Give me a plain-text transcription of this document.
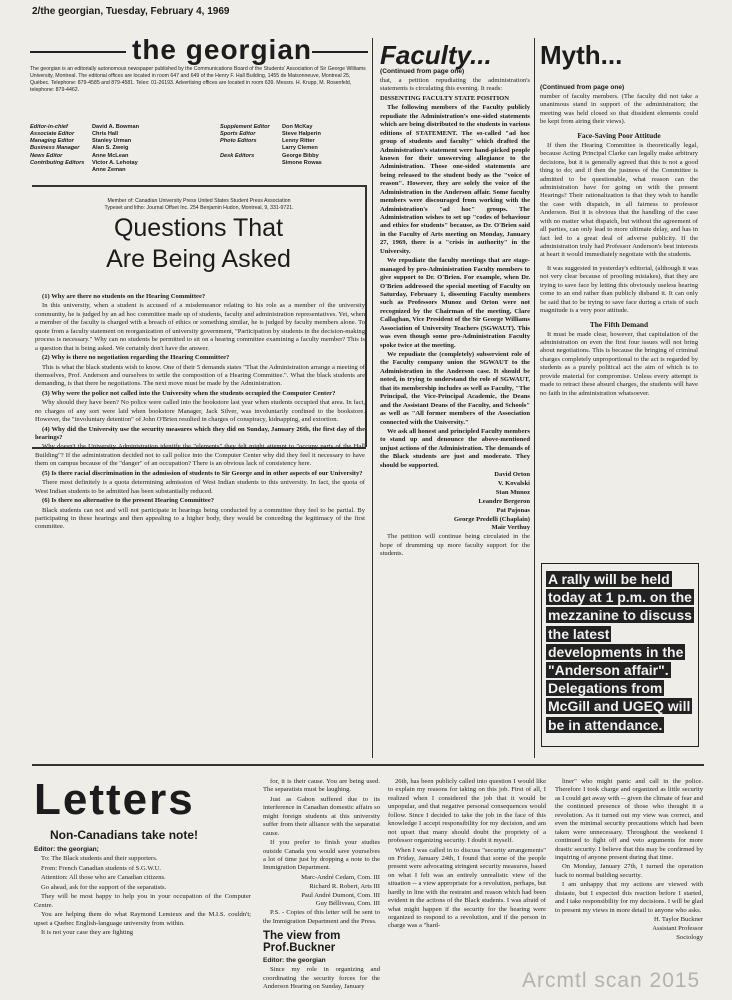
2/the georgian, Tuesday, February 4, 1969
the georgian
The georgian is an editorially autonomous newspaper published by the Communications Board of the Students' Association of Sir George Williams University, Montreal. The editorial offices are located in room 647 and 649 of the Henry F. Hall Building, 1455 de Maisonneuve, Montreal 25, Québec. Telephone: 879-4585 and 879-4581. Telex: 01-26193. Advertising offices are located in room 639. Messrs. H. Krupp, M. Rosenfeld, telephone: 879-4462.
Editor-in-chief	David A. Bowman
Associate Editor	Chris Hall
Managing Editor	Stanley Urman
Business Manager Alan S. Zweig
News Editor	Anne McLean
Contributing Editors Victor A. Lehotay
Anne Zeman
Supplement Editor Don McKay
Sports Editor	Steve Halperin
Photo Editors	Lenny Ritter
Larry Clemen
Desk Editors	George Bibby
Simone Rowas
Member of: Canadian University Press United States Student Press Association
Typeset and litho: Journal Offset Inc. 254 Benjamin Hudon, Montreal, 9, 331-9721.
Questions That
Are Being Asked

(1) Why are there no students on the Hearing Committee?

In this university, when a student is accused of a misdemeanor relating to his role as a member of the university community, he is judged by an ad hoc committee made up of students, faculty and administration representatives. Yet, when a member of the faculty is charged with a breach of ethics or something similar, he is judged by faculty members alone. To quote from a faculty statement on reorganization of university government, "Participation by students in the decision-making process is necessary." Why can no students be permitted to sit on a hearing committee examining a faculty member? This is a question that is being asked. We certainly don't have the answer.

(2) Why is there no negotiation regarding the Hearing Committee?

This is what the black students wish to know. One of their 5 demands states "That the Administration arrange a meeting of themselves, Prof. Anderson and ourselves to settle the composition of a Hearing Committee.". What the black students are demanding, is that there be negotiations. The next move must be made by the Administration.

(3) Why were the police not called into the University when the students occupied the Computer Center?

Why should they have been? No police were called into the bookstore last year when students occupied that area. In fact, no charges of any sort were laid when bookstore Manager, Jack Silver, was involuntarily confined to the bookstore. However, the "involuntary detention" of John O'Brien resulted in charges of conspiracy, kidnapping, and extortion.

(4) Why did the University use the security measures which they did on Sunday, January 26th, the first day of the hearings?

Why doesn't the University Administration identify the "elements" they felt might attempt to "occupy parts of the Hall Building"? If the administration decided not to call police into the Computer Center why did they feel it necessary to have them on campus because of the "danger" of an occupation? There is an obvious lack of consistency here.

(5) Is there racial discrimination in the admission of students to Sir George and in other aspects of our University?

There most definitely is a quota determining admission of West Indian students to this university. In fact, the quota of West Indian students to be admitted has been substantially reduced.

(6) Is there no alternative to the present Hearing Committee?

Black students can not and will not participate in hearings being conducted by a committee they feel to be partial. By participating in these hearings and then appealing to a higher body, they would be conceding the legitimacy of the first committee.

Faculty...

(Continued from page one)

that, a petition repudiating the administration's statements is circulating this evening. It reads:

DISSENTING FACULTY STATE POSITION

The following members of the Faculty publicly repudiate the Administration's one-sided statements which are being distributed to the students in various editions of STATEMENT. The so-called "ad hoc group of students and faculty" which drafted the Administration's statement were hand-picked people known for their unswerving allegiance to the Administration. Those one-sided statements are being released to the student body as the "voice of reason". However, they are solely the voice of the Administration in the Anderson affair. Some faculty members were discouraged from working with the Administration's "ad hoc" groups. The Administration wishes to set up "codes of behaviour and ethics for students" because, as Dr. O'Brien said in the Faculty of Arts meeting on Monday, January 27, 1969, there is a "crisis in authority" in the University.

We repudiate the faculty meetings that are stage-managed by pro-Administration Faculty members to give support to Dr. O'Brien. For example, when Dr. O'Brien addressed the special meeting of Faculty on Saturday, February 1, dissenting Faculty members such as Professors Munoz and Orton were not recognized by the Chairman of the meeting, Clare Callaghan, Vice President of the Sir George Williams Association of University Teachers (SGWAUT). This was even though some pro-Administration Faculty spoke twice at the meeting.

We repudiate the (completely) subservient role of the Faculty company union the SGWAUT to the Administration in the Anderson case. It should be noted, in trying to understand the role of SGWAUT, that its membership includes as well as Faculty, "The Principal, the Vice-Principal Academic, the Deans and the Assistant Deans of the Faculty, and Schools" as well as "All former members of the Association connected with the University."

We ask all honest and principled Faculty members to stand up and denounce the above-mentioned unjust actions of the Administration. The demands of the Black students are just and moderate. They should be supported.

David Orton
V. Kovalski
Stan Munoz
Leandre Bergeron
Pat Pajonas
George Predelli (Chaplain)
Mair Verthuy

The petition will continue being circulated in the hope of drumming up more faculty support for the students.

Myth...

(Continued from page one)

number of faculty members. (The faculty did not take a unanimous stand in support of the administration; the meeting was held closed so that dissident elements could be kept from airing their views).

Face-Saving Poor Attitude

If then the Hearing Committee is theoretically legal, because Acting Principal Clarke can legally make arbitrary decisions, but it is generally agreed that this is not a good thing to do; and if then the justness of the Committee is admitted to be questionable, what reason can the administration have for going on with the present Hearings? Their rationalization is that they wish to handle the case with dispatch, in all fairness to professor Anderson. But it is obvious that the handling of the case with no matter what dispatch, but without the agreement of all parties, can only lead to more ultimate delay, and has in fact led to a great deal of adverse publicity. If the administration truly had Professor Anderson's best interests at heart it would immediately negotiate with the students.

It was suggested in yesterday's editorial, (although it was not very clear because of proofing mistakes), that they are trying to save face by letting this obviously useless hearing come to an end rather than publicly disband it. It can only be said that to be trying to save face during a crisis of such magnitude is a very poor attitude.

The Fifth Demand

It must be made clear, however, that capitulation of the administration on even the first four issues will not bring about negotiations. This is because the bringing of criminal charges completely unproportional to the act is regarded by students as a purely political act the aim of which is to provide material for compromise. Unless every attempt is made to retract these absurd charges, the students will have no faith in the administration whatsoever.

A rally will be held today at 1 p.m. on the mezzanine to discuss the latest developments in the "Anderson affair". Delegations from McGill and UGEQ will be in attendance.
Letters
Non-Canadians take note!

Editor: the georgian;

To: The Black students and their supporters.

From: French Canadian students of S.G.W.U.

Attention: All those who are Canadian citizens.

Go ahead, ask for the support of the separatists.

They will be most happy to help you in your occupation of the Computer Centre.

You are helping them do what Raymond Lemieux and the M.I.S. couldn't; upset a Quebec English-language university from within.

It is not your case they are fighting

for, it is their cause. You are being used. The separatists must be laughing.

Just as Gabon suffered due to its interference in Canadian domestic affairs so might foreign students at this university suffer from their alliance with the separatist cause.

If you prefer to finish your studies outside Canada you would save yourselves a lot of time just by dropping a note to the Immigration Department.

Marc-André Cedam, Com. III
Richard R. Robert, Arts III
Paul André Dumont, Com. III
Guy Bélliveau, Com. III

P.S. - Copies of this letter will be sent to the Immigration Department and the Press.

The view from Prof.Buckner
Editor: the georgian

Since my role in organizing and coordinating the security forces for the Anderson Hearing on Sunday, January

26th, has been publicly called into question I would like to explain my reasons for taking on this job. First of all, I realized when I considered the job that it would be unpopular, and that negative personal consequences would follow. Since I decided to take the job in the face of this knowledge I accept responsibility for my decision, and am not upset that many should doubt the propriety of a professor organizing security. I doubt it myself.

When I was called in to discuss "security arrangements" on Friday, January 24th, I found that some of the people present were advocating stringent security measures, based on what I felt was an entirely unrealistic view of the situation -- a view appropriate for a revolution, perhaps, but hardly in line with the restraint and reason which had been evident in the actions of the Black students. I was afraid of what might happen if the security for the hearing were organized to respond to a revolution, and if the person in charge was a "hard-

liner" who might panic and call in the police. Therefore I took charge and organized as little security as I could get away with -- given the climate of fear and the continued presence of those who thought it a revolution. As it turned out my view was correct, and even the minimal security precautions which had been taken were unnecessary. Throughout the weekend I continued to fight off and veto arguments for more drastic security. I believe that this may be confirmed by inquiring of anyone present during that time.

On Monday, January 27th, I turned the operation back to normal building security.

I am unhappy that my actions are viewed with distaste, but I expected this reaction before I started, and I take responsibility for my decisions. I will be glad to present my views in more detail to anyone who asks.

H. Taylor Buckner
Assistant Professor
Sociology
Arcmtl scan 2015
